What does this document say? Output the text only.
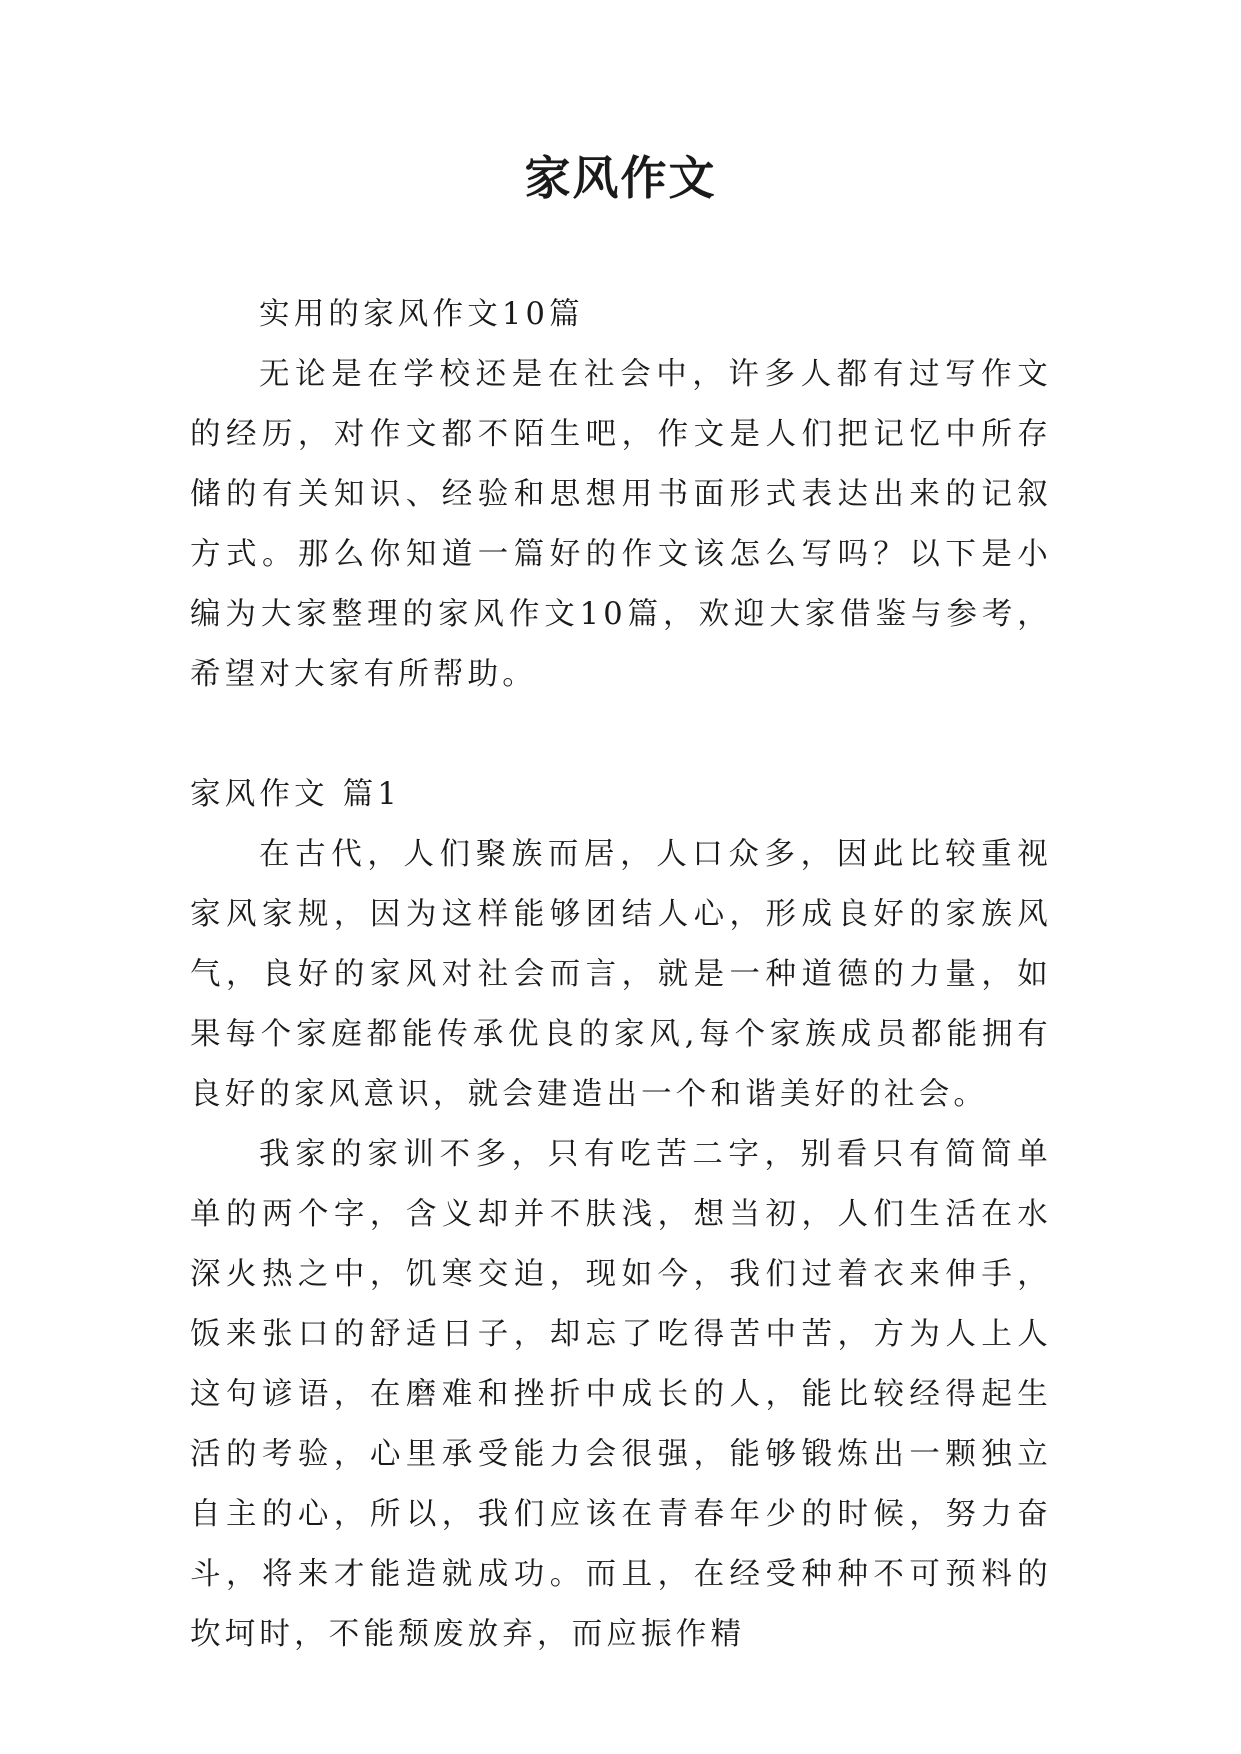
家风作文

实用的家风作文10篇

无论是在学校还是在社会中，许多人都有过写作文的经历，对作文都不陌生吧，作文是人们把记忆中所存储的有关知识、经验和思想用书面形式表达出来的记叙方式。那么你知道一篇好的作文该怎么写吗？以下是小编为大家整理的家风作文10篇，欢迎大家借鉴与参考，希望对大家有所帮助。

家风作文 篇1

在古代，人们聚族而居，人口众多，因此比较重视家风家规，因为这样能够团结人心，形成良好的家族风气，良好的家风对社会而言，就是一种道德的力量，如果每个家庭都能传承优良的家风,每个家族成员都能拥有良好的家风意识，就会建造出一个和谐美好的社会。

我家的家训不多，只有吃苦二字，别看只有简简单单的两个字，含义却并不肤浅，想当初，人们生活在水深火热之中，饥寒交迫，现如今，我们过着衣来伸手，饭来张口的舒适日子，却忘了吃得苦中苦，方为人上人这句谚语，在磨难和挫折中成长的人，能比较经得起生活的考验，心里承受能力会很强，能够锻炼出一颗独立自主的心，所以，我们应该在青春年少的时候，努力奋斗，将来才能造就成功。而且，在经受种种不可预料的坎坷时，不能颓废放弃，而应振作精
